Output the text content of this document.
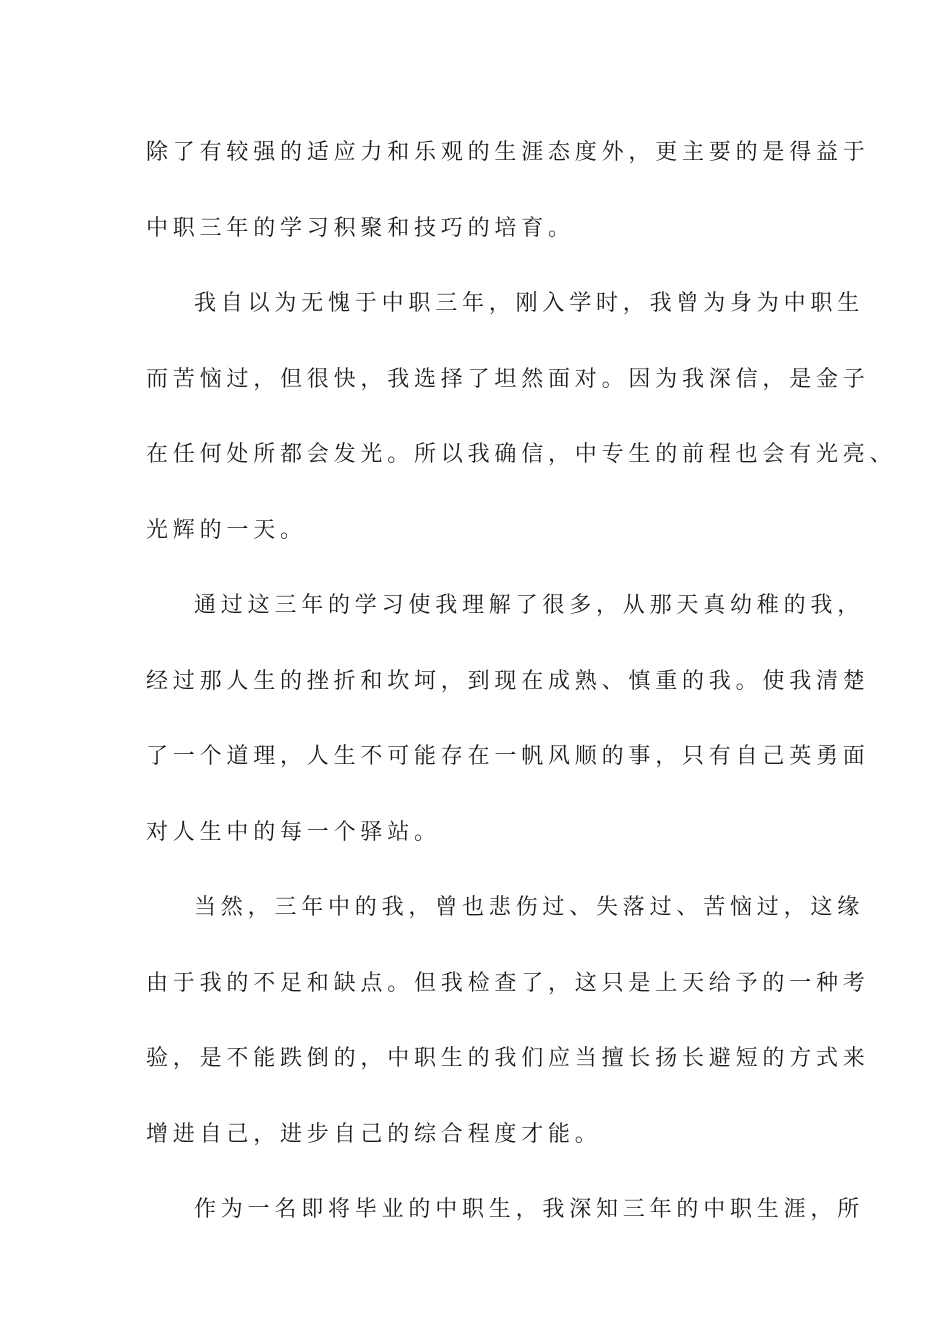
除了有较强的适应力和乐观的生涯态度外，更主要的是得益于
中职三年的学习积聚和技巧的培育。
我自以为无愧于中职三年，刚入学时，我曾为身为中职生
而苦恼过，但很快，我选择了坦然面对。因为我深信，是金子
在任何处所都会发光。所以我确信，中专生的前程也会有光亮、
光辉的一天。
通过这三年的学习使我理解了很多，从那天真幼稚的我，
经过那人生的挫折和坎坷，到现在成熟、慎重的我。使我清楚
了一个道理，人生不可能存在一帆风顺的事，只有自己英勇面
对人生中的每一个驿站。
当然，三年中的我，曾也悲伤过、失落过、苦恼过，这缘
由于我的不足和缺点。但我检查了，这只是上天给予的一种考
验，是不能跌倒的，中职生的我们应当擅长扬长避短的方式来
增进自己，进步自己的综合程度才能。
作为一名即将毕业的中职生，我深知三年的中职生涯，所
